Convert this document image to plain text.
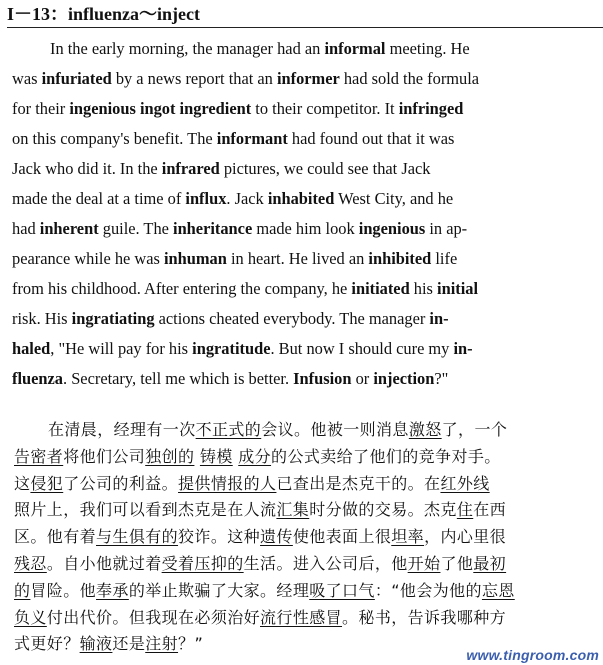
I－13：influenza～inject
In the early morning, the manager had an informal meeting. He
was infuriated by a news report that an informer had sold the formula
for their ingenious ingot ingredient to their competitor. It infringed
on this company's benefit. The informant had found out that it was
Jack who did it. In the infrared pictures, we could see that Jack
made the deal at a time of influx. Jack inhabited West City, and he
had inherent guile. The inheritance made him look ingenious in ap-
pearance while he was inhuman in heart. He lived an inhibited life
from his childhood. After entering the company, he initiated his initial
risk. His ingratiating actions cheated everybody. The manager in-
haled, "He will pay for his ingratitude. But now I should cure my in-
fluenza. Secretary, tell me which is better. Infusion or injection?"
在清晨，经理有一次不正式的会议。他被一则消息激怒了，一个
告密者将他们公司独创的 铸模 成分的公式卖给了他们的竞争对手。
这侵犯了公司的利益。提供情报的人已查出是杰克干的。在红外线
照片上，我们可以看到杰克是在人流汇集时分做的交易。杰克住在西
区。他有着与生俱有的狡诈。这种遗传使他表面上很坦率，内心里很
残忍。自小他就过着受着压抑的生活。进入公司后，他开始了他最初
的冒险。他奉承的举止欺骗了大家。经理吸了口气：“他会为他的忘恩
负义付出代价。但我现在必须治好流行性感冒。秘书，告诉我哪种方
式更好？输液还是注射？”
www.tingroom.com
